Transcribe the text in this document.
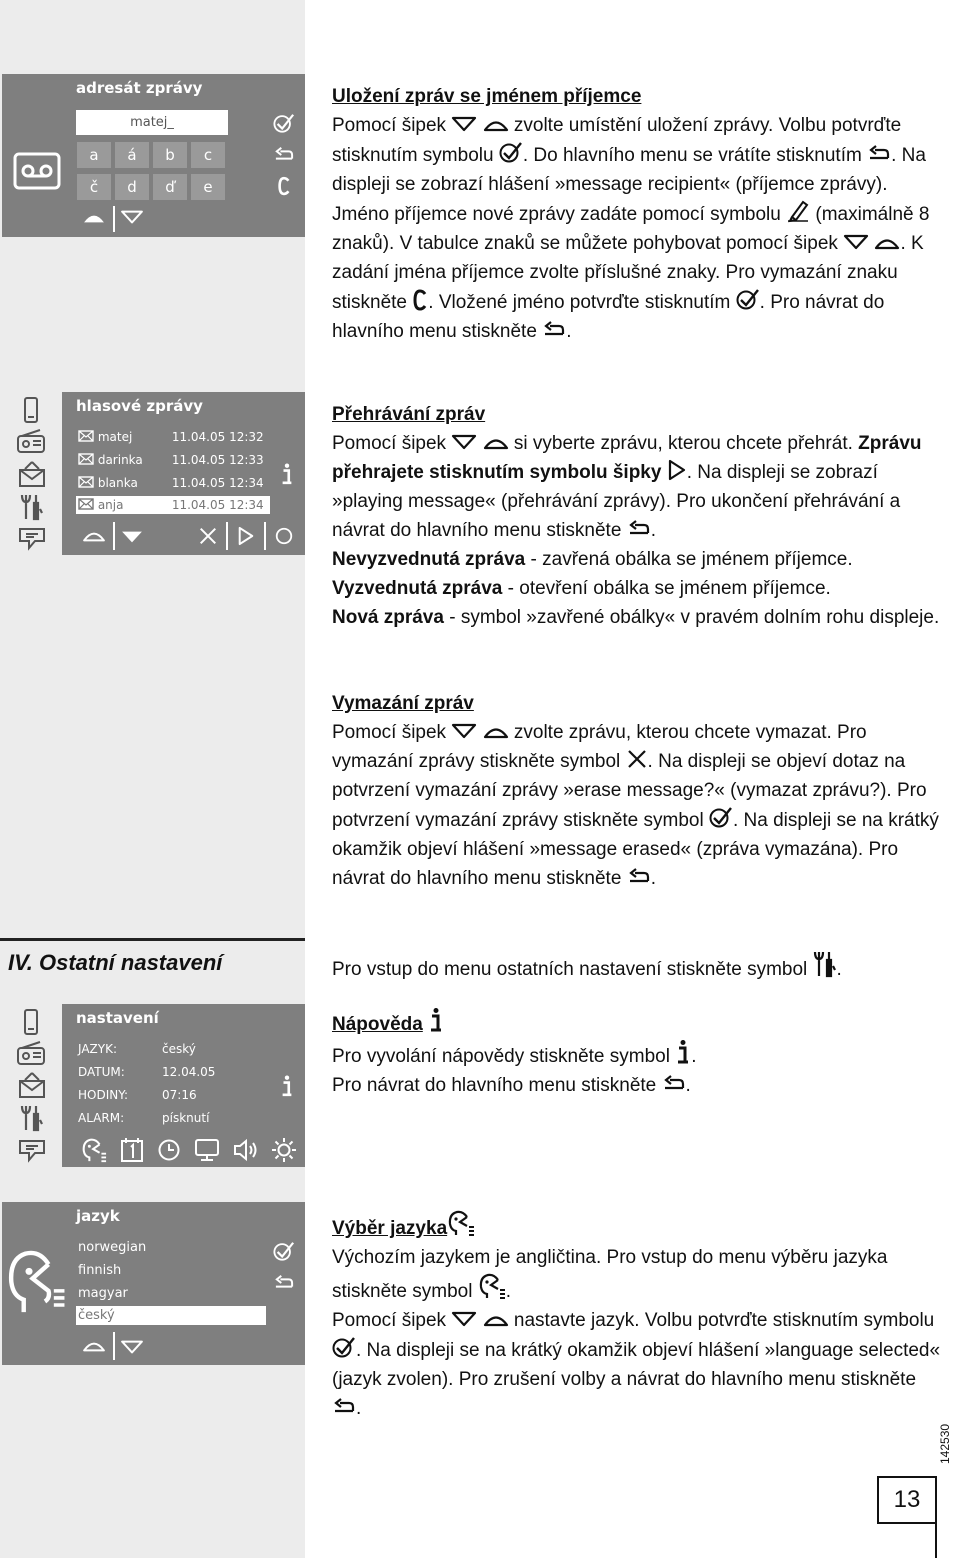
adresát zprávy
matej_
a	á	b	c
č	d	ď	e
hlasové zprávy
matej	11.04.05 12:32
darinka 11.04.05 12:33
blanka	11.04.05 12:34
anja	11.04.05 12:34
nastavení
JAZYK:	český
DATUM:	12.04.05
HODINY:	07:16
ALARM:	písknutí
jazyk
norwegian
finnish
magyar
český
IV. Ostatní nastavení

Uložení zpráv se jménem příjemce

Pomocí šipek
	zvolte umístění uložení zprávy. Volbu potvrďte stisknutím symbolu
. Do hlavního menu se vrátíte stisknutím
. Na displeji se zobrazí hlášení »message recipient« (příjemce zprávy). Jméno příjemce nové zprávy zadáte pomocí symbolu
(maximálně 8 znaků). V tabulce znaků se můžete pohybovat pomocí šipek
	. K zadání jména příjemce zvolte příslušné znaky. Pro vymazání znaku stiskněte
. Vložené jméno potvrďte stisknutím
. Pro návrat do hlavního menu stiskněte
.

Přehrávání zpráv

Pomocí šipek
	si vyberte zprávu, kterou chcete přehrát. Zprávu přehrajete stisknutím symbolu šipky
. Na displeji se zobrazí »playing message« (přehrávání zprávy). Pro ukončení přehrávání a návrat do hlavního menu stiskněte
.

Nevyzvednutá zpráva - zavřená obálka se jménem příjemce.

Vyzvednutá zpráva - otevření obálka se jménem příjemce.

Nová zpráva - symbol »zavřené obálky« v pravém dolním rohu displeje.

Vymazání zpráv

Pomocí šipek
	zvolte zprávu, kterou chcete vymazat. Pro vymazání zprávy stiskněte symbol
. Na displeji se objeví dotaz na potvrzení vymazání zprávy »erase message?« (vymazat zprávu?). Pro potvrzení vymazání zprávy stiskněte symbol
. Na displeji se na krátký okamžik objeví hlášení »message erased« (zpráva vymazána). Pro návrat do hlavního menu stiskněte
.

Pro vstup do menu ostatních nastavení stiskněte symbol
.

Nápověda

Pro vyvolání nápovědy stiskněte symbol
.

Pro návrat do hlavního menu stiskněte
.

Výběr jazyka

Výchozím jazykem je angličtina. Pro vstup do menu výběru jazyka stiskněte symbol
.

Pomocí šipek
	nastavte jazyk. Volbu potvrďte stisknutím symbolu
. Na displeji se na krátký okamžik objeví hlášení »language selected« (jazyk zvolen). Pro zrušení volby a návrat do hlavního menu stiskněte
.

142530
13
